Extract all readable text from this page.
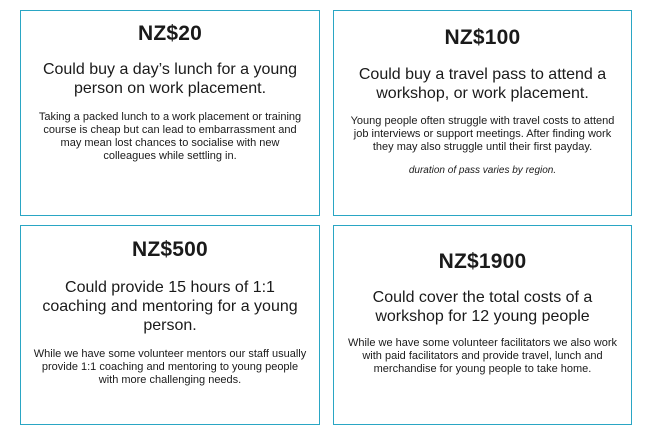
NZ$20

Could buy a day’s lunch for a young person on work placement.

Taking a packed lunch to a work placement or training course is cheap but can lead to embarrassment and may mean lost chances to socialise with new colleagues while settling in.

NZ$100

Could buy a travel pass to attend a workshop, or work placement.

Young people often struggle with travel costs to attend job interviews or support meetings. After finding work they may also struggle until their first payday.

duration of pass varies by region.

NZ$500

Could provide 15 hours of 1:1 coaching and mentoring for a young person.

While we have some volunteer mentors our staff usually provide 1:1 coaching and mentoring to young people with more challenging needs.

NZ$1900

Could cover the total costs of a workshop for 12 young people

While we have some volunteer facilitators we also work with paid facilitators and provide travel, lunch and merchandise for young people to take home.
